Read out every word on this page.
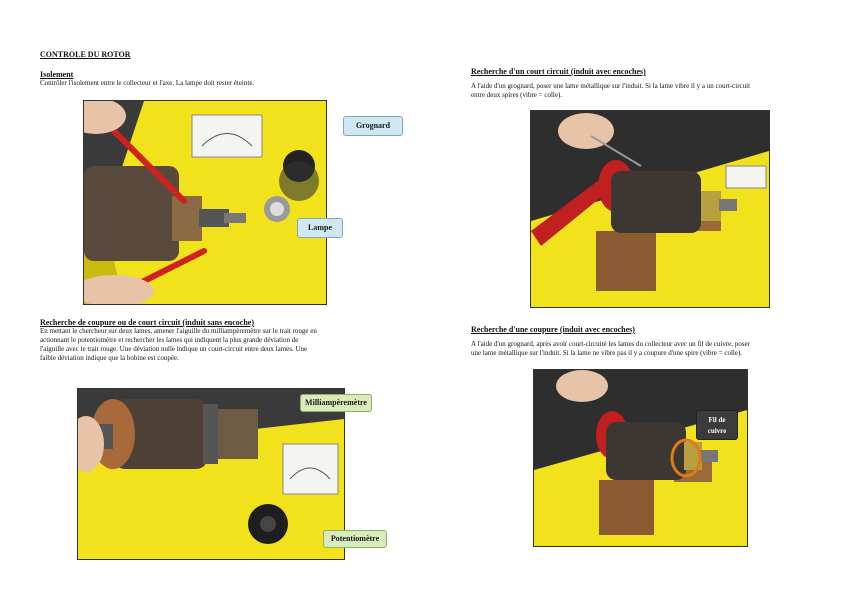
CONTROLE DU ROTOR
Isolement
Contrôler l'isolement entre le collecteur et l'axe. La lampe doit rester éteinte.
Grognard
Lampe
Recherche de coupure ou de court circuit (induit sans encoche)
En mettant le chercheur sur deux lames, amener l'aiguille du milliampèremètre sur le trait rouge en
actionnant le potentiomètre et rechercher les lames qui indiquent la plus grande déviation de
l'aiguille avec le trait rouge. Une déviation nulle indique un court-circuit entre deux lames. Une
faible déviation indique que la bobine est coupée.
Milliampèremètre
Potentiomètre
Recherche d'un court circuit (induit avec encoches)
A l'aide d'un grognard, poser une lame métallique sur l'induit. Si la lame vibre il y a un court-circuit
entre deux spires (vibre = colle).
Recherche d'une coupure (induit avec encoches)
A l'aide d'un grognard, après avoir court-circuité les lames du collecteur avec un fil de cuivre, poser
une lame métallique sur l'induit. Si la lame ne vibre pas il y a coupure d'une spire (vibre = colle).
Fil de
cuivre
